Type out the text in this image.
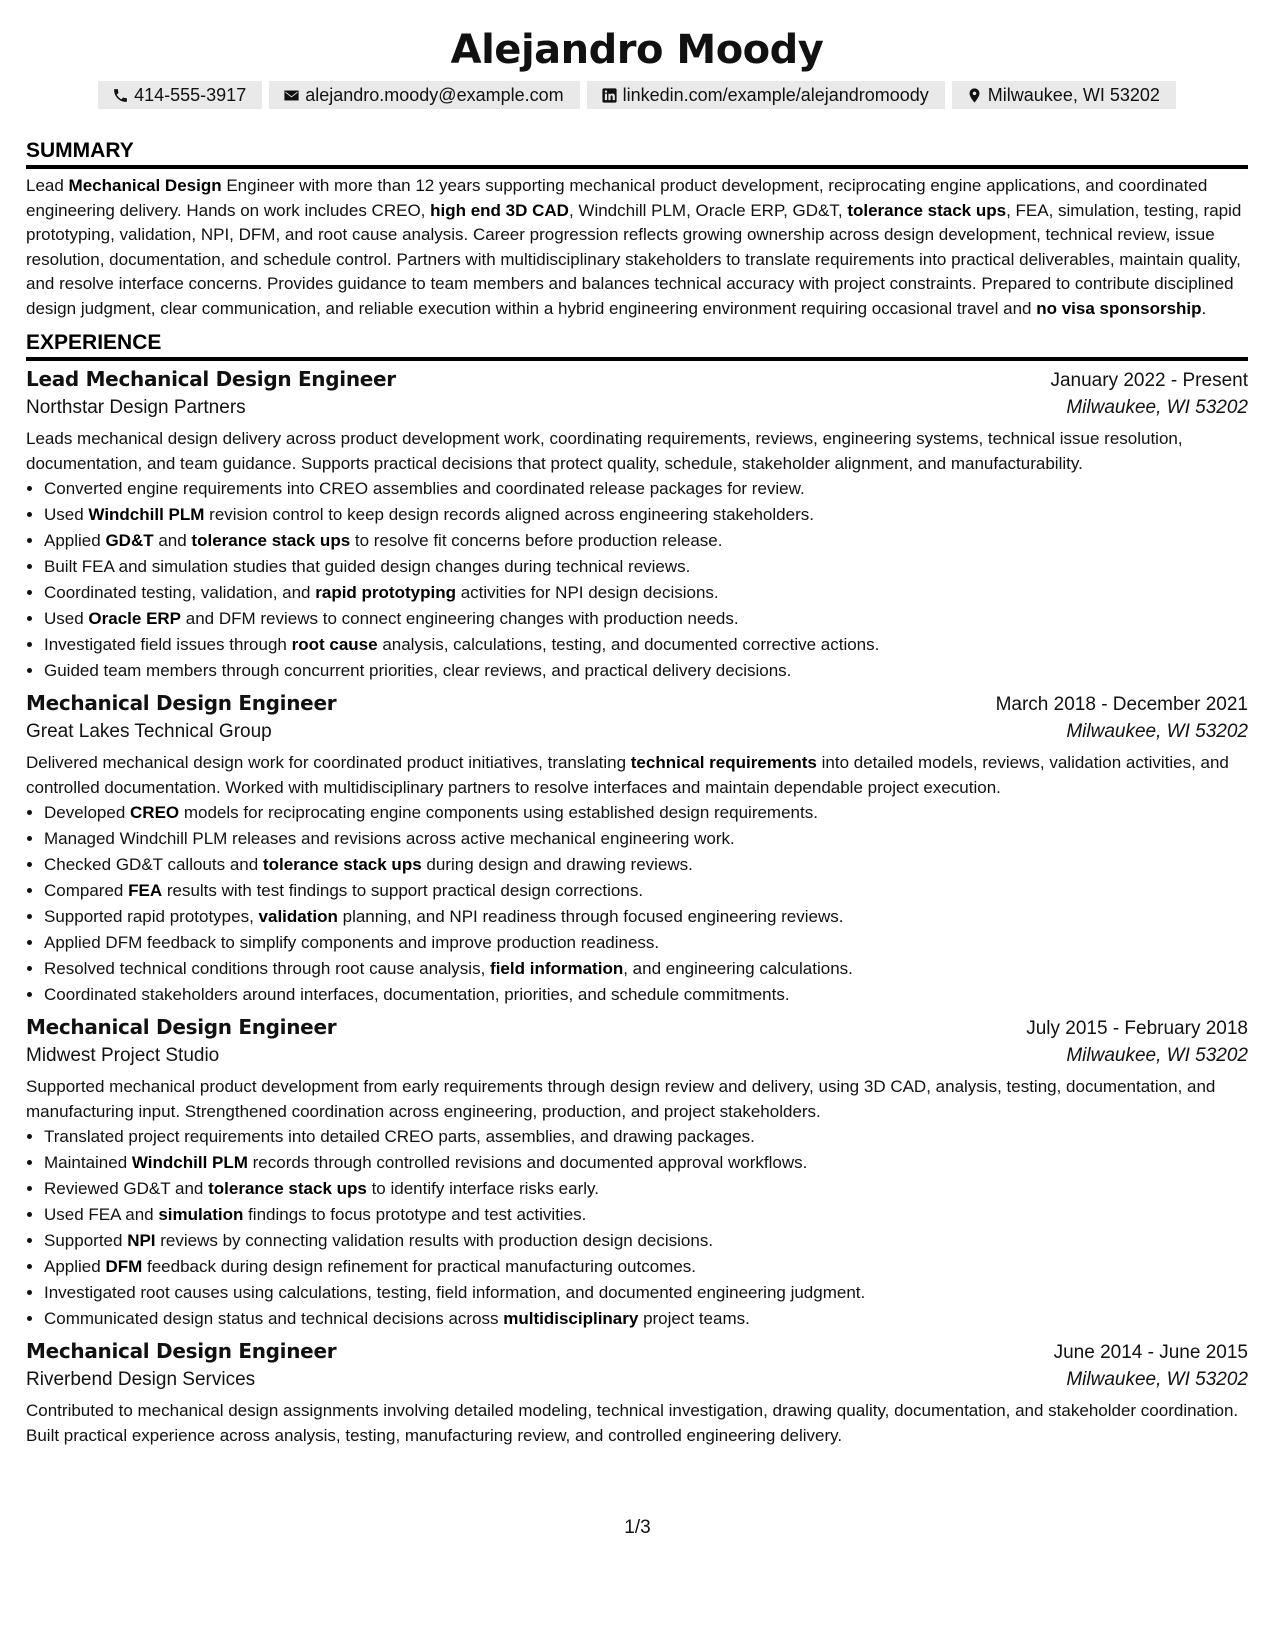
Alejandro Moody
414-555-3917	alejandro.moody@example.com	linkedin.com/example/alejandromoody	Milwaukee, WI 53202
SUMMARY

Lead Mechanical Design Engineer with more than 12 years supporting mechanical product development, reciprocating engine applications, and coordinated engineering delivery. Hands on work includes CREO, high end 3D CAD, Windchill PLM, Oracle ERP, GD&T, tolerance stack ups, FEA, simulation, testing, rapid prototyping, validation, NPI, DFM, and root cause analysis. Career progression reflects growing ownership across design development, technical review, issue resolution, documentation, and schedule control. Partners with multidisciplinary stakeholders to translate requirements into practical deliverables, maintain quality, and resolve interface concerns. Provides guidance to team members and balances technical accuracy with project constraints. Prepared to contribute disciplined design judgment, clear communication, and reliable execution within a hybrid engineering environment requiring occasional travel and no visa sponsorship.

EXPERIENCE
Lead Mechanical Design Engineer	January 2022 - Present
Northstar Design Partners	Milwaukee, WI 53202

Leads mechanical design delivery across product development work, coordinating requirements, reviews, engineering systems, technical issue resolution, documentation, and team guidance. Supports practical decisions that protect quality, schedule, stakeholder alignment, and manufacturability.

• Converted engine requirements into CREO assemblies and coordinated release packages for review.
• Used Windchill PLM revision control to keep design records aligned across engineering stakeholders.
• Applied GD&T and tolerance stack ups to resolve fit concerns before production release.
• Built FEA and simulation studies that guided design changes during technical reviews.
• Coordinated testing, validation, and rapid prototyping activities for NPI design decisions.
• Used Oracle ERP and DFM reviews to connect engineering changes with production needs.
• Investigated field issues through root cause analysis, calculations, testing, and documented corrective actions.
• Guided team members through concurrent priorities, clear reviews, and practical delivery decisions.
Mechanical Design Engineer	March 2018 - December 2021
Great Lakes Technical Group	Milwaukee, WI 53202

Delivered mechanical design work for coordinated product initiatives, translating technical requirements into detailed models, reviews, validation activities, and controlled documentation. Worked with multidisciplinary partners to resolve interfaces and maintain dependable project execution.

• Developed CREO models for reciprocating engine components using established design requirements.
• Managed Windchill PLM releases and revisions across active mechanical engineering work.
• Checked GD&T callouts and tolerance stack ups during design and drawing reviews.
• Compared FEA results with test findings to support practical design corrections.
• Supported rapid prototypes, validation planning, and NPI readiness through focused engineering reviews.
• Applied DFM feedback to simplify components and improve production readiness.
• Resolved technical conditions through root cause analysis, field information, and engineering calculations.
• Coordinated stakeholders around interfaces, documentation, priorities, and schedule commitments.
Mechanical Design Engineer	July 2015 - February 2018
Midwest Project Studio	Milwaukee, WI 53202

Supported mechanical product development from early requirements through design review and delivery, using 3D CAD, analysis, testing, documentation, and manufacturing input. Strengthened coordination across engineering, production, and project stakeholders.

• Translated project requirements into detailed CREO parts, assemblies, and drawing packages.
• Maintained Windchill PLM records through controlled revisions and documented approval workflows.
• Reviewed GD&T and tolerance stack ups to identify interface risks early.
• Used FEA and simulation findings to focus prototype and test activities.
• Supported NPI reviews by connecting validation results with production design decisions.
• Applied DFM feedback during design refinement for practical manufacturing outcomes.
• Investigated root causes using calculations, testing, field information, and documented engineering judgment.
• Communicated design status and technical decisions across multidisciplinary project teams.
Mechanical Design Engineer	June 2014 - June 2015
Riverbend Design Services	Milwaukee, WI 53202

Contributed to mechanical design assignments involving detailed modeling, technical investigation, drawing quality, documentation, and stakeholder coordination. Built practical experience across analysis, testing, manufacturing review, and controlled engineering delivery.

1/3
